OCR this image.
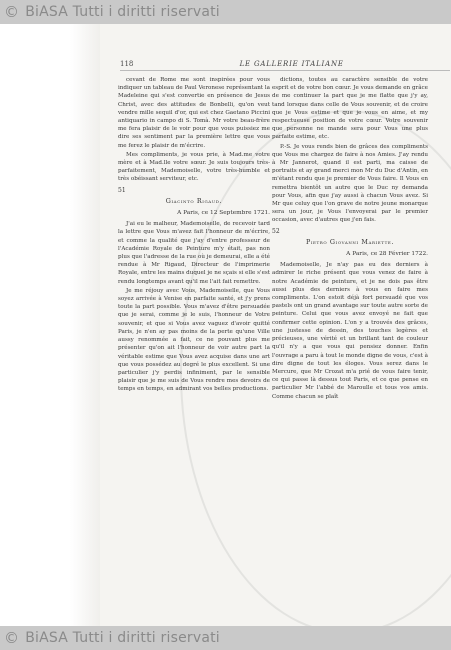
© BiASA Tutti i diritti riservati
118	LE GALLERIE ITALIANE

cevant de Rome me sont inspirées pour vous indiquer un tableau de Paul Veronese représentant la Madeleine qui s'est convertie en présence de Jesus Christ, avec des attitudes de Bonbelli, qu'on veut vendre mille sequil d'or, qui est chez Gaetano Piccini antiquario in campo di S. Tomà. Mr votre beau-frère me fera plaisir de le voir pour que vous puissiez me dire ses sentiment par la première lettre que vous me ferez le plaisir de m'écrire.

Mes compliments, je vous prie, à Mad.me votre mère et à Mad.lle votre sœur. Je suis toujours très-parfaitement, Mademoiselle, votre très-humble et très obéissant serviteur, etc.

51
Giacinto Rigaud.
A Paris, ce 12 Septembre 1721.

J'ai eu le malheur, Mademoiselle, de recevoir tard la lettre que Vous m'avez fait l'honneur de m'écrire, et comme la qualité que j'ay d'entre professeur de l'Académie Royale de Peinture m'y était, pas non plus que l'adresse de la rue où je demeurai, elle a été rendue à Mr Rigaud, Directeur de l'imprimerie Royale, entre les mains duquel je ne sçais si elle s'est rendu longtemps avant qu'il me l'ait fait remettre.

Je me réjouy avec Vous, Mademoiselle, que Vous soyez arrivée à Venise en parfaite santé, et j'y prens toute la part possible. Vous m'avez d'être persuadée que je serai, comme je le suis, l'honneur de Votre souvenir, et que si Vous avez vaguez d'avoir quitté Paris, je n'en ay pas moins de la perte qu'une Ville aussy renommée a fait, ce ne pouvant plus me présenter qu'on ait l'honneur de voir autre part la véritable estime que Vous avez acquise dans une art que vous possédez au degré le plus excellent. Si une particulier j'y perdis infiniment, par le sensible plaisir que je me suis de Vous rendre mes devoirs de temps en temps, en admirant vos belles productions.

dictions, toutes au caractère sensible de votre esprit et de votre bon cœur. Je vous demande en grâce de me continuer la part que je me flatte que j'y ay, tand lorsque dans celle de Vous souvenir, et de croire que je Vous estime et que je vous en aime, et my respectueuse position de votre cœur. Votre souvenir que personne ne mande sera pour Vous une plus parfaite estime, etc.

P.-S. Je vous rends bien de grâces des compliments que Vous me chargez de faire à nos Amies. J'ay rendu à Mr Jannerot, quand il est parti, ma caisse de portraits et ay grand merci mon Mr du Duc d'Antin, en m'étant rendu que je premier de Vous faire. Il Vous en remettra bientôt un autre que le Duc ny demanda pour Vous, afin que j'ay aussi à chacun Vous avez. Si Mr que celuy que l'on grave de notre jeune monarque sera un jour, je Vous l'envoyerai par le premier occasion, avec d'autres que j'en fais.

52
Pietro Giovanni Mariette.
A Paris, ce 28 Février 1722.

Mademoiselle, Je n'ay pas eu des derniers à admirer le riche présent que vous venez de faire à notre Académie de peinture, et je ne dois pas être aussi plus des derniers à vous en faire mes compliments. L'on estoit déjà fort persuadé que vos pastels ont un grand avantage sur toute autre sorte de peinture. Celui que vous avez envoyé ne fait que confirmer cette opinion. L'on y a trouvés des grâces, une justesse de dessin, des touches legères et précieuses, une vérité et un brillant tant de couleur qu'il n'y a que vous qui pensiez donner. Enfin l'ouvrage a paru à tout le monde digne de vous, c'est à dire digne de tout les éloges. Vous serez dans le Mercure, que Mr Crozat m'a prié de vous faire tenir, ce qui passe là dessus tout Paris, et ce que pense en particulier Mr l'abbé de Maroulle et tous vos amis. Comme chacun se plaît

© BiASA Tutti i diritti riservati
